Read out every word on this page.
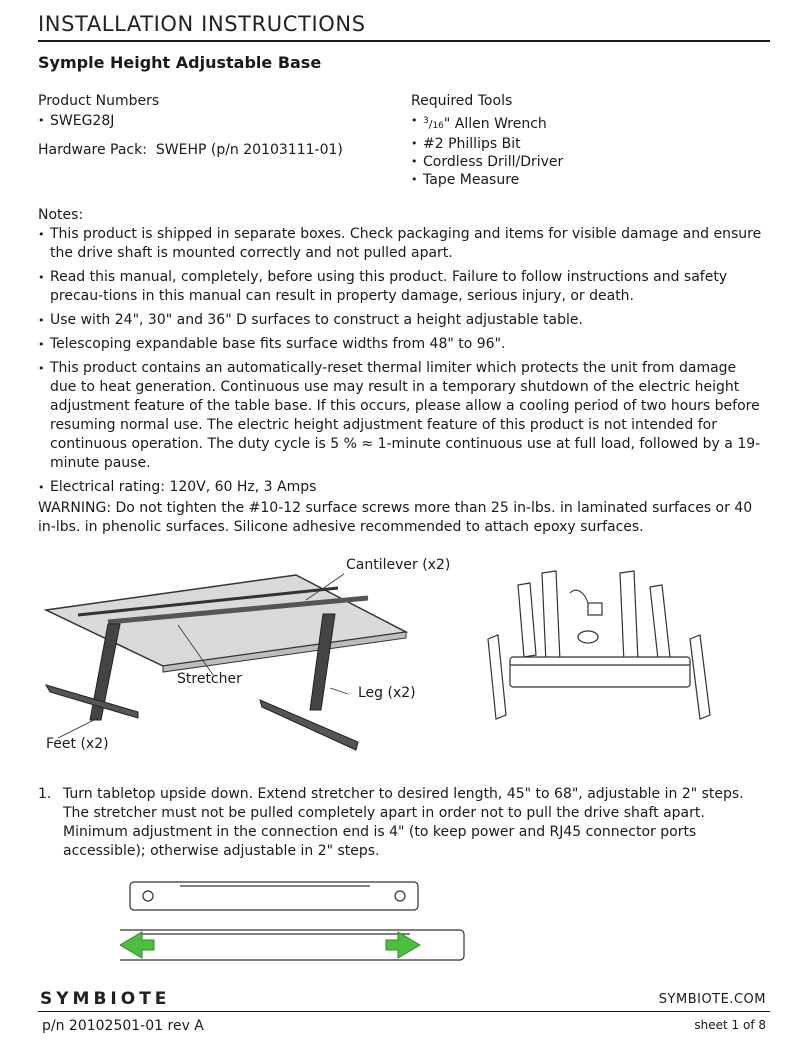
INSTALLATION INSTRUCTIONS
Symple Height Adjustable Base
Product Numbers
• SWEG28J
Hardware Pack: SWEHP (p/n 20103111-01)
Required Tools
• $^3$/16" Allen Wrench
• #2 Phillips Bit
• Cordless Drill/Driver
• Tape Measure
Notes:
• This product is shipped in separate boxes. Check packaging and items for visible damage and ensure the drive shaft is mounted correctly and not pulled apart.
• Read this manual, completely, before using this product. Failure to follow instructions and safety precau-tions in this manual can result in property damage, serious injury, or death.
• Use with 24", 30" and 36" D surfaces to construct a height adjustable table.
• Telescoping expandable base fits surface widths from 48" to 96".
• This product contains an automatically-reset thermal limiter which protects the unit from damage due to heat generation. Continuous use may result in a temporary shutdown of the electric height adjustment feature of the table base. If this occurs, please allow a cooling period of two hours before resuming normal use. The electric height adjustment feature of this product is not intended for continuous operation. The duty cycle is 5 % ≈ 1-minute continuous use at full load, followed by a 19-minute pause.
• Electrical rating: 120V, 60 Hz, 3 Amps
WARNING: Do not tighten the #10-12 surface screws more than 25 in-lbs. in laminated surfaces or 40 in-lbs. in phenolic surfaces. Silicone adhesive recommended to attach epoxy surfaces.
Cantilever (x2)
Stretcher
Leg (x2)
Feet (x2)
1. Turn tabletop upside down. Extend stretcher to desired length, 45" to 68", adjustable in 2" steps. The stretcher must not be pulled completely apart in order not to pull the drive shaft apart. Minimum adjustment in the connection end is 4" (to keep power and RJ45 connector ports accessible); otherwise adjustable in 2" steps.
SYMBIOTE	SYMBIOTE.COM
p/n 20102501-01 rev A	sheet 1 of 8
